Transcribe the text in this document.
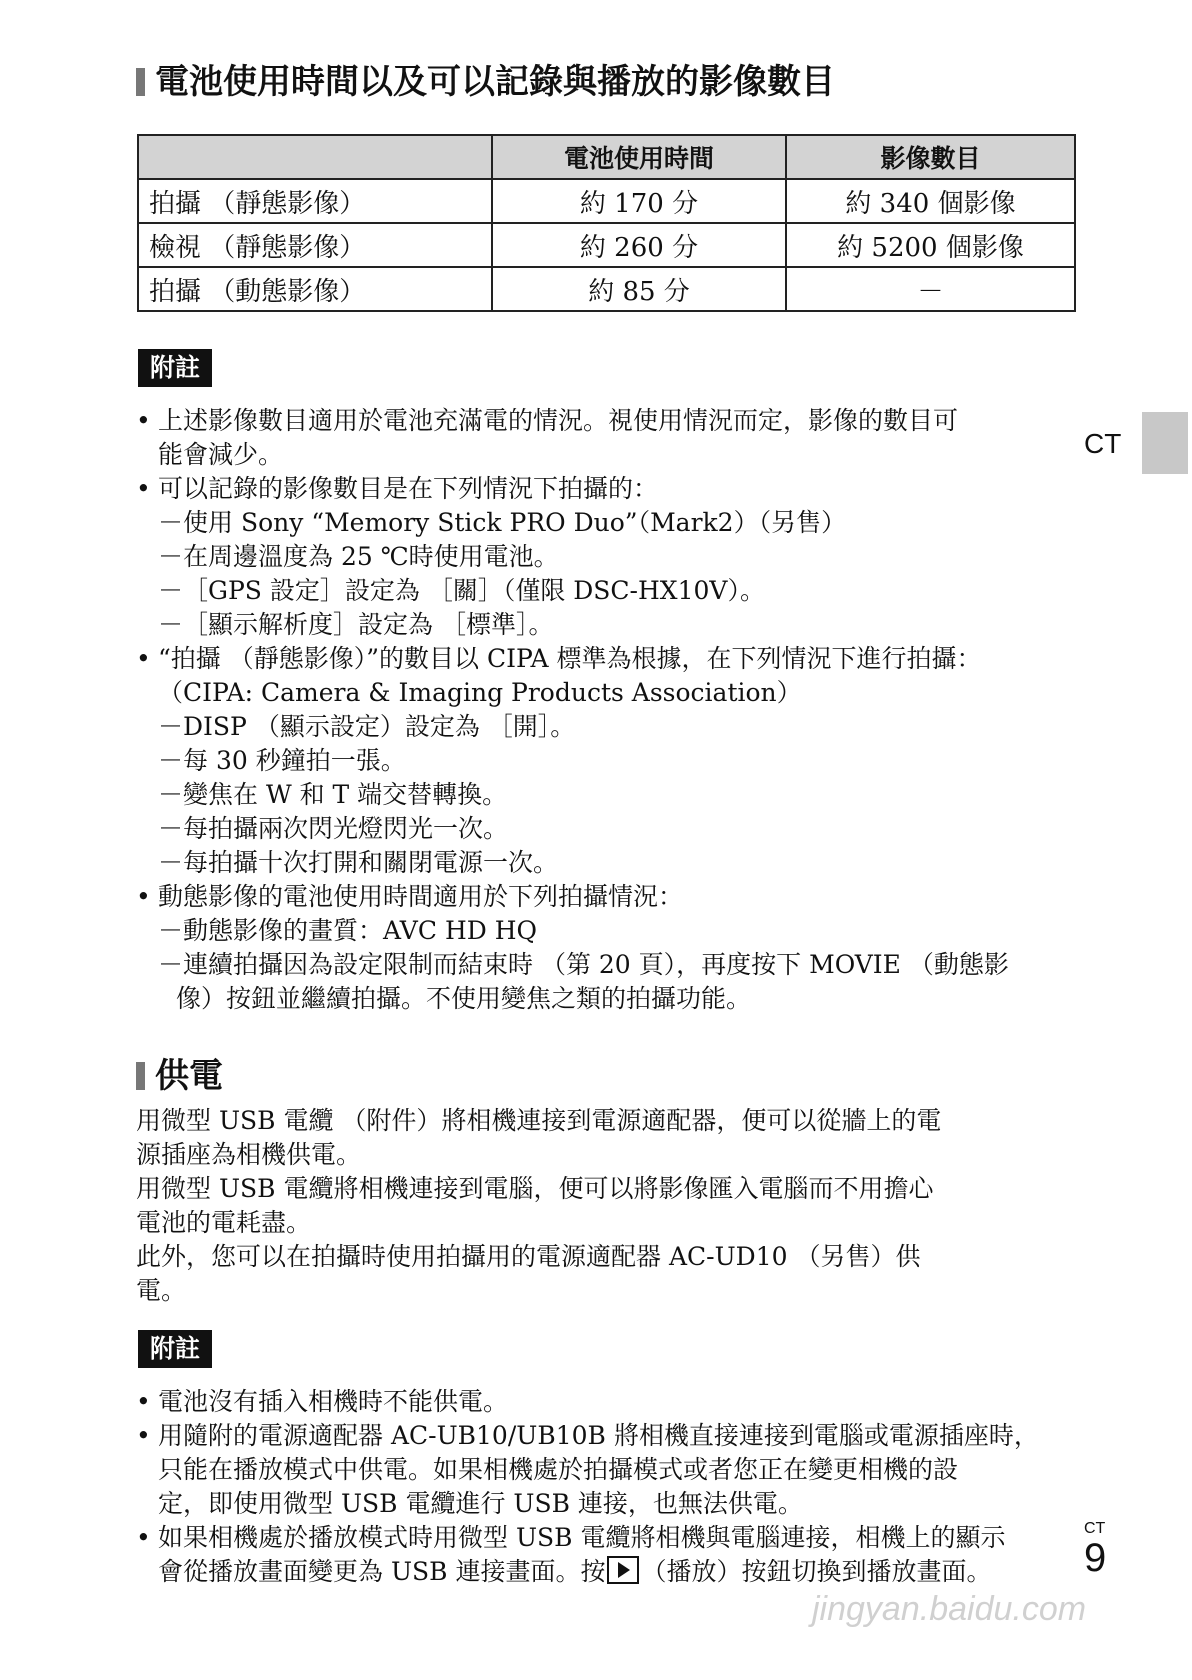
電池使用時間以及可以記錄與播放的影像數目
	電池使用時間	影像數目
拍攝 （靜態影像）	約 170 分	約 340 個影像
檢視 （靜態影像）	約 260 分	約 5200 個影像
拍攝 （動態影像）	約 85 分	－
附註
• 上述影像數目適用於電池充滿電的情況。視使用情況而定，影像的數目可
能會減少。
• 可以記錄的影像數目是在下列情況下拍攝的：
－使用 Sony “Memory Stick PRO Duo”（Mark2）（另售）
－在周邊溫度為 25 ℃時使用電池。
－［GPS 設定］設定為 ［關］（僅限 DSC-HX10V）。
－［顯示解析度］設定為 ［標準］。
• “拍攝 （靜態影像）”的數目以 CIPA 標準為根據，在下列情況下進行拍攝：
（CIPA: Camera & Imaging Products Association）
－DISP （顯示設定）設定為 ［開］。
－每 30 秒鐘拍一張。
－變焦在 W 和 T 端交替轉換。
－每拍攝兩次閃光燈閃光一次。
－每拍攝十次打開和關閉電源一次。
• 動態影像的電池使用時間適用於下列拍攝情況：
－動態影像的畫質：AVC HD HQ
－連續拍攝因為設定限制而結束時 （第 20 頁），再度按下 MOVIE （動態影
像）按鈕並繼續拍攝。不使用變焦之類的拍攝功能。
供電

用微型 USB 電纜 （附件）將相機連接到電源適配器，便可以從牆上的電

源插座為相機供電。

用微型 USB 電纜將相機連接到電腦，便可以將影像匯入電腦而不用擔心

電池的電耗盡。

此外，您可以在拍攝時使用拍攝用的電源適配器 AC-UD10 （另售）供

電。

附註
• 電池沒有插入相機時不能供電。
• 用隨附的電源適配器 AC-UB10/UB10B 將相機直接連接到電腦或電源插座時，
只能在播放模式中供電。如果相機處於拍攝模式或者您正在變更相機的設
定，即使用微型 USB 電纜進行 USB 連接，也無法供電。
• 如果相機處於播放模式時用微型 USB 電纜將相機與電腦連接，相機上的顯示
會從播放畫面變更為 USB 連接畫面。按 （播放）按鈕切換到播放畫面。
CT
CT
9
jingyan.baidu.com
